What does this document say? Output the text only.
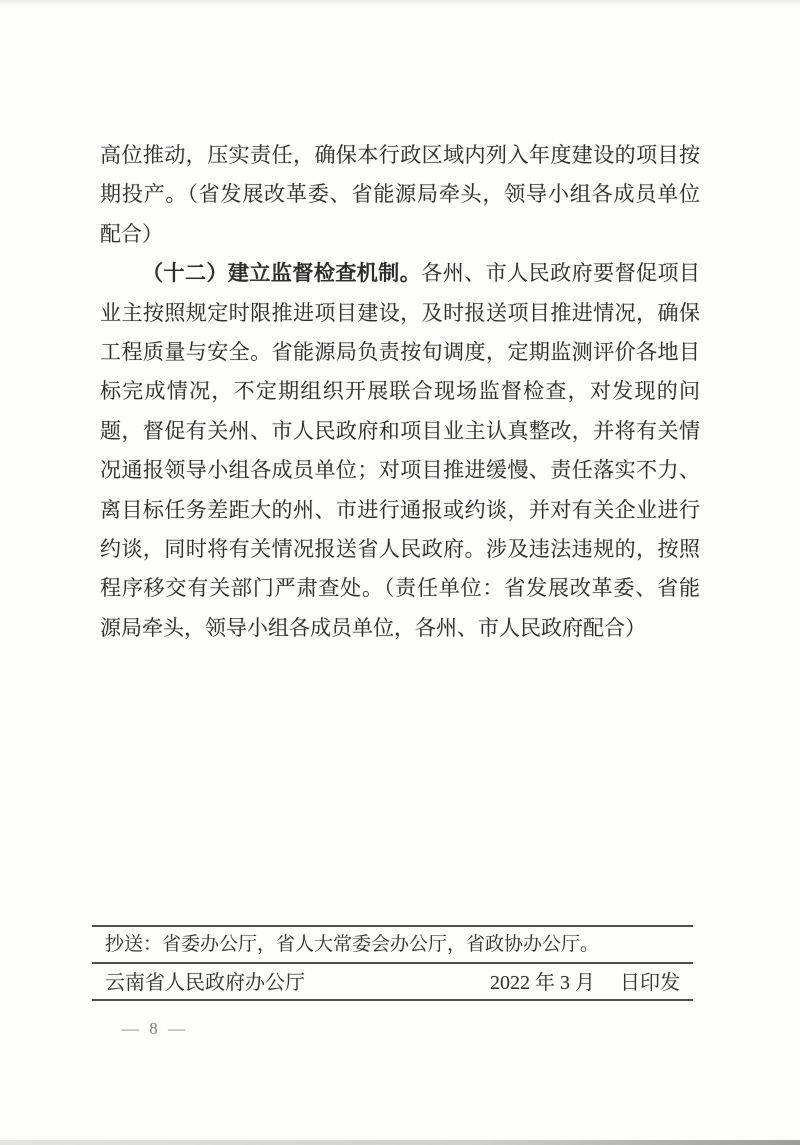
高位推动，压实责任，确保本行政区域内列入年度建设的项目按
期投产。（省发展改革委、省能源局牵头，领导小组各成员单位
配合）
（十二）建立监督检查机制。各州、市人民政府要督促项目
业主按照规定时限推进项目建设，及时报送项目推进情况，确保
工程质量与安全。省能源局负责按旬调度，定期监测评价各地目
标完成情况，不定期组织开展联合现场监督检查，对发现的问
题，督促有关州、市人民政府和项目业主认真整改，并将有关情
况通报领导小组各成员单位；对项目推进缓慢、责任落实不力、
离目标任务差距大的州、市进行通报或约谈，并对有关企业进行
约谈，同时将有关情况报送省人民政府。涉及违法违规的，按照
程序移交有关部门严肃查处。（责任单位：省发展改革委、省能
源局牵头，领导小组各成员单位，各州、市人民政府配合）
抄送：省委办公厅，省人大常委会办公厅，省政协办公厅。
云南省人民政府办公厅	2022 年 3 月　 日印发
— 8 —
